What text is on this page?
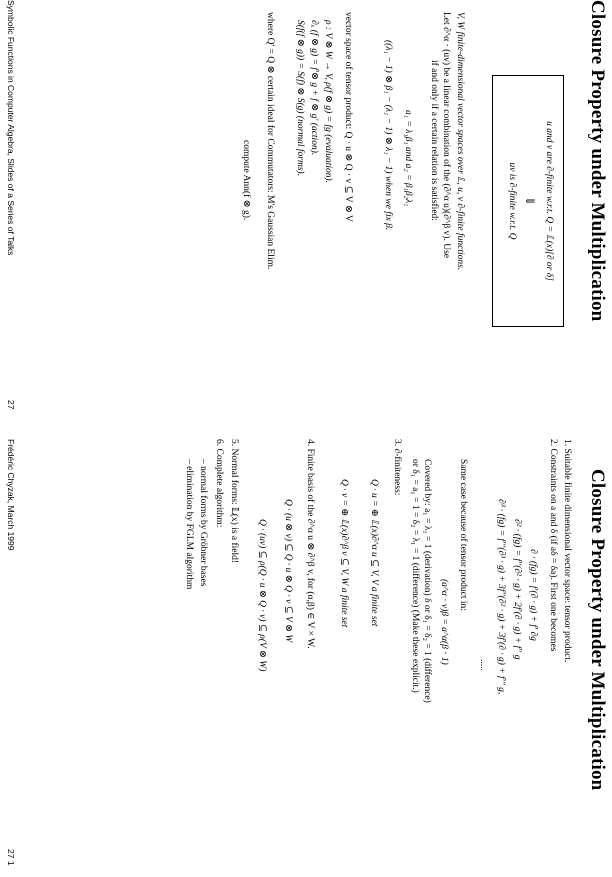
Closure Property under Multiplication
u and v are ∂-finite w.r.t. Q = 𝕃(x)[∂ or δ]
⇓
uv is ∂-finite w.r.t. Q
V, W finite-dimensional vector spaces over 𝕃, u, v ∂-finite functions.
Let ∂^α ⋅ (uv) be a linear combination of the (∂^α u)(∂^β v). Use
if and only if a certain relation is satisfied:
a₁ = λ₁β₁ and a₂ = β₁β₂λ₁
((λ₁ − 1) ⊗ β₁ − (λ₁ − 1) ⊗ λ₁ − 1) when we fix β.
vector space of tensor product: Q · u ⊗ Q · v ⊆ V ⊗ V
ρ : V ⊗ W → V, ρ(f ⊗ g) = fg (evaluation).
∂ₓ (f ⊗ g) = f'⊗ g + f ⊗ g' (action).
S(f(f ⊗ g)) = S(f) ⊗ S(g) (normal forms).
where Q' = Q ⊗ certain ideal for Commutators: M's Gaussian Elim.
compute Ann(f ⊗ g).
Symbolic Functions in Computer Algebra, Slides of a Series of Talks
27
Closure Property under Multiplication
1. Suitable finite dimensional vector space: tensor product.
2. Constraints on a and δ (if aδ = δa). First one becomes
∂ · (fg) = f'(∂ · g) + f' ∂g
∂² · (fg) = f''(∂² · g) + 2f'(∂ · g) + f'' g
∂³ · (fg) = f'''(∂³ · g) + 3f''(∂² · g) + 3f'(∂ · g) + f''' g,
.....
Same case because of tensor product in:
(a^α ⋅ v)β = a^α(β ⋅ 1)
Covered by: a₁ = λ₁ = 1 (derivation) δ or δ₁ = δ₂ = 1 (difference)
or δ₁ = a₁ = 1 = δ₂ = λ₁ = 1 (difference) (Make these explicit.)
3. ∂-finiteness:
Q · u = ⊕ 𝕃(x)∂^α u ⊆ V, V a finite set
Q · v = ⊕ 𝕃(x)∂^β v ⊆ V, W a finite set
4. Finite basis of the ∂^α u ⊗ ∂^β v, for (α,β) ∈ V × W.
Q · (u ⊗ v) ⊆ Q · u ⊗ Q · v ⊆ V ⊗ W
Q · (uv) ⊆ ρ(Q · u ⊗ Q · v) ⊆ ρ(V ⊗ W)
5. Normal forms: 𝕃(x) is a field!
6. Complete algorithm:
– normal forms by Gröbner bases
– elimination by FGLM algorithm
Frédéric Chyzak, March 1999
27 1
